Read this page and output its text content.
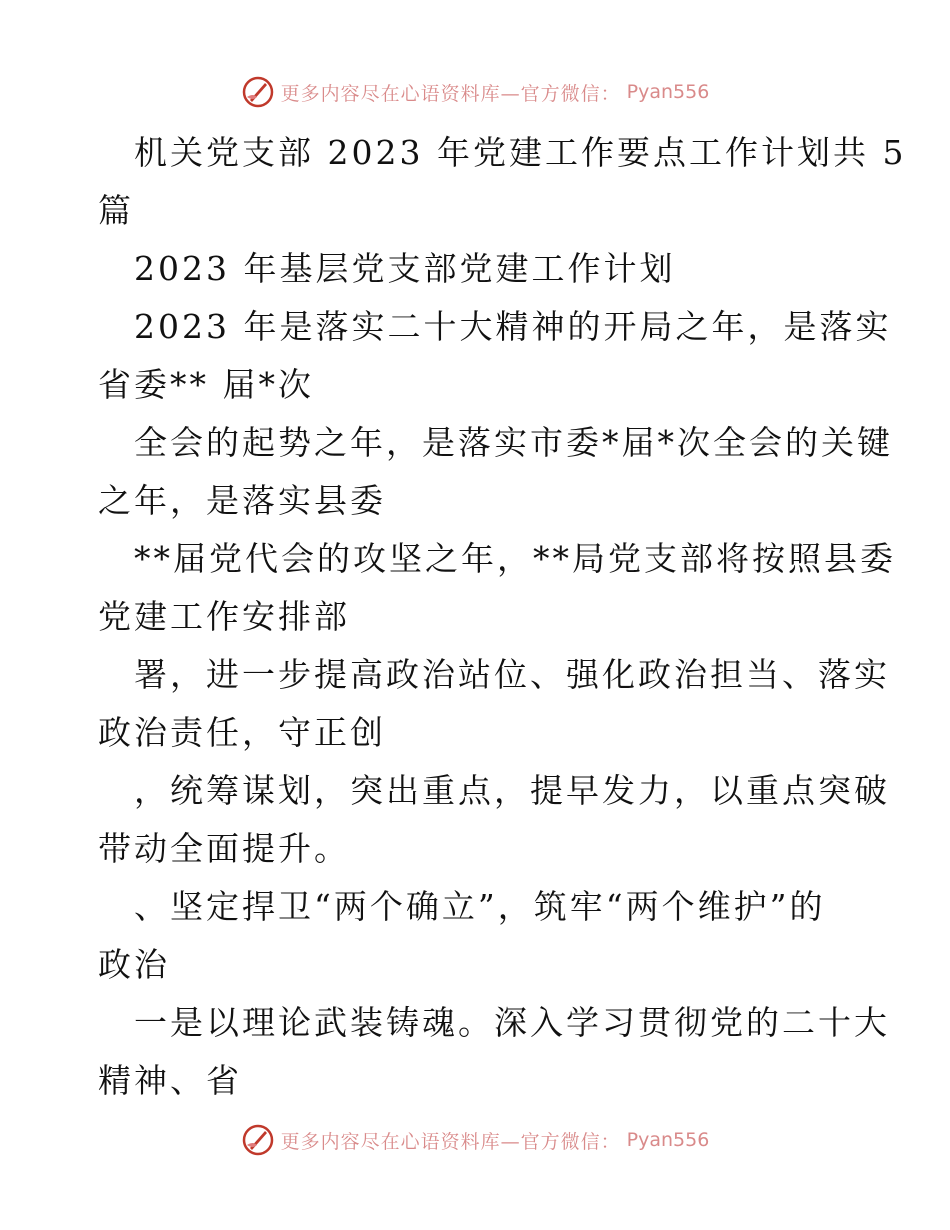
更多内容尽在心语资料库—官方微信： Pyan556
机关党支部 2023 年党建工作要点工作计划共 5
篇
2023 年基层党支部党建工作计划
2023 年是落实二十大精神的开局之年，是落实
省委** 届*次
全会的起势之年，是落实市委*届*次全会的关键
之年，是落实县委
**届党代会的攻坚之年，**局党支部将按照县委
党建工作安排部
署，进一步提高政治站位、强化政治担当、落实
政治责任，守正创
，统筹谋划，突出重点，提早发力，以重点突破
带动全面提升。
、坚定捍卫“两个确立”，筑牢“两个维护”的
政治
一是以理论武装铸魂。深入学习贯彻党的二十大
精神、省
更多内容尽在心语资料库—官方微信： Pyan556
